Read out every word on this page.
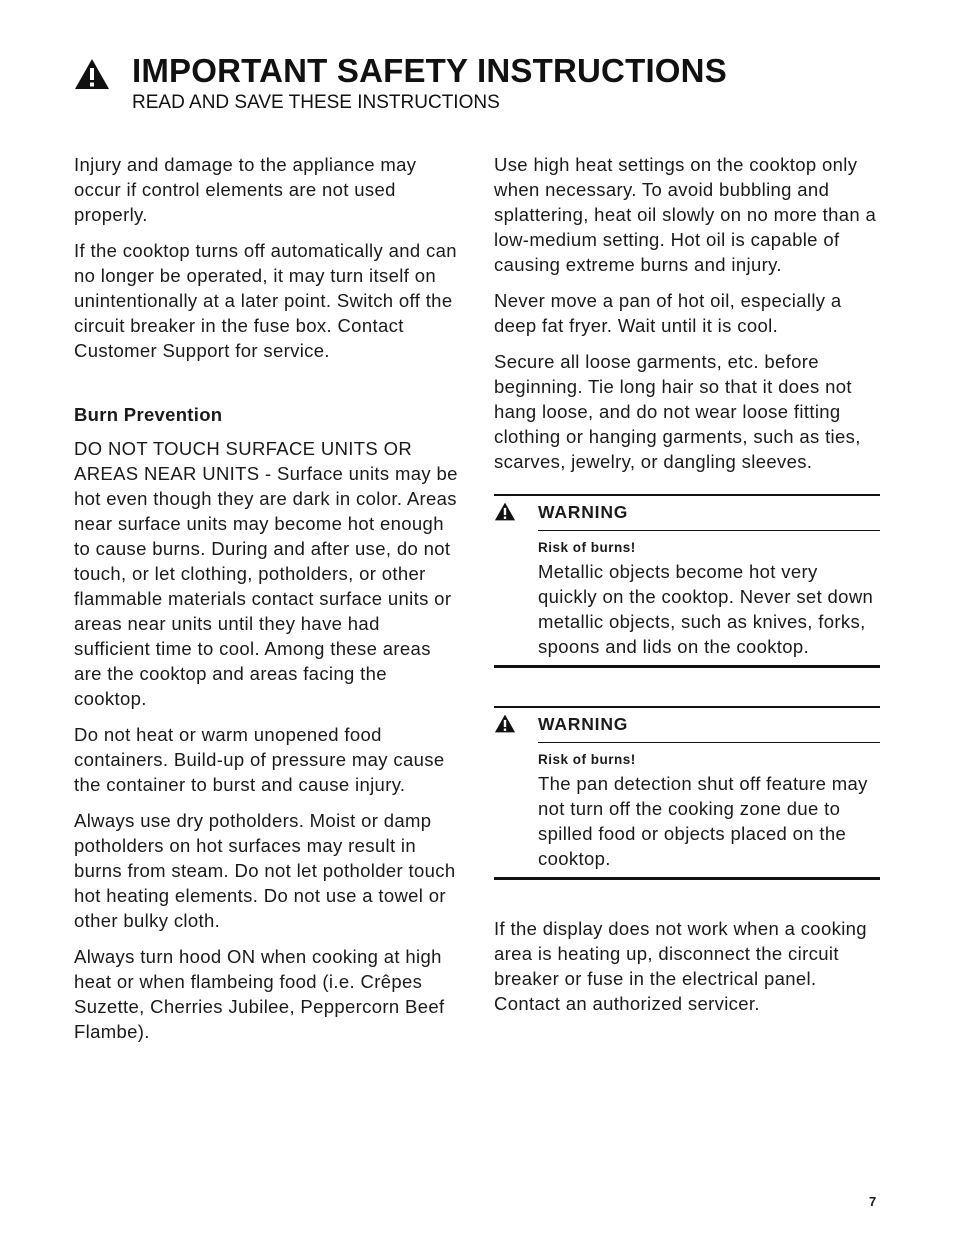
IMPORTANT SAFETY INSTRUCTIONS
READ AND SAVE THESE INSTRUCTIONS

Injury and damage to the appliance may occur if control elements are not used properly.

If the cooktop turns off automatically and can no longer be operated, it may turn itself on unintentionally at a later point. Switch off the circuit breaker in the fuse box. Contact Customer Support for service.

Burn Prevention

DO NOT TOUCH SURFACE UNITS OR AREAS NEAR UNITS - Surface units may be hot even though they are dark in color. Areas near surface units may become hot enough to cause burns. During and after use, do not touch, or let clothing, potholders, or other flammable materials contact surface units or areas near units until they have had sufficient time to cool. Among these areas are the cooktop and areas facing the cooktop.

Do not heat or warm unopened food containers. Build-up of pressure may cause the container to burst and cause injury.

Always use dry potholders. Moist or damp potholders on hot surfaces may result in burns from steam. Do not let potholder touch hot heating elements. Do not use a towel or other bulky cloth.

Always turn hood ON when cooking at high heat or when flambeing food (i.e. Crêpes Suzette, Cherries Jubilee, Peppercorn Beef Flambe).

Use high heat settings on the cooktop only when necessary. To avoid bubbling and splattering, heat oil slowly on no more than a low-medium setting. Hot oil is capable of causing extreme burns and injury.

Never move a pan of hot oil, especially a deep fat fryer. Wait until it is cool.

Secure all loose garments, etc. before beginning. Tie long hair so that it does not hang loose, and do not wear loose fitting clothing or hanging garments, such as ties, scarves, jewelry, or dangling sleeves.

WARNING
Risk of burns!
Metallic objects become hot very quickly on the cooktop. Never set down metallic objects, such as knives, forks, spoons and lids on the cooktop.
WARNING
Risk of burns!
The pan detection shut off feature may not turn off the cooking zone due to spilled food or objects placed on the cooktop.

If the display does not work when a cooking area is heating up, disconnect the circuit breaker or fuse in the electrical panel. Contact an authorized servicer.

7
